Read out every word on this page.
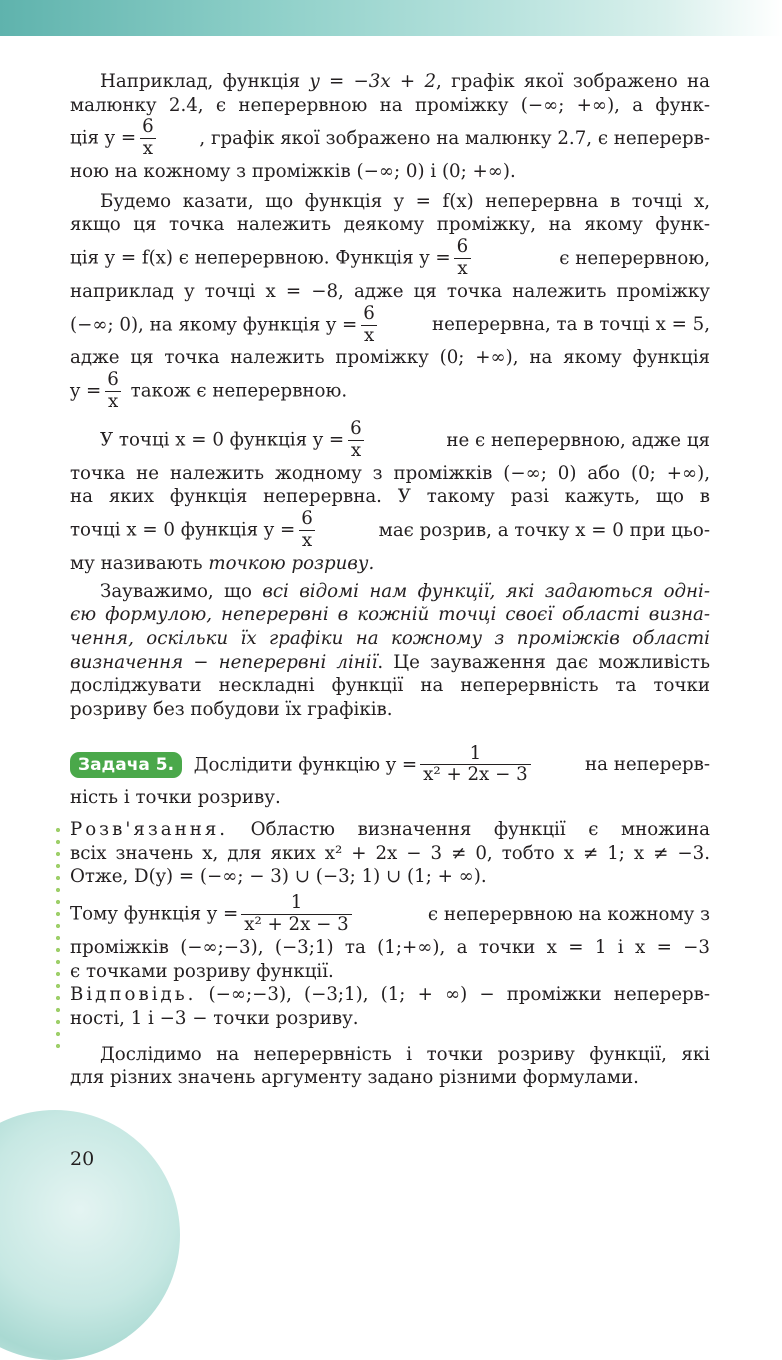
Наприклад, функція y = −3x + 2, графік якої зображено на

малюнку 2.4, є неперервною на проміжку (−∞; +∞), а функ-

ція $y = \frac{6}{x}$ , графік якої зображено на малюнку 2.7, є неперерв-

ною на кожному з проміжків (−∞; 0) і (0; +∞).

Будемо казати, що функція y = f(x) неперервна в точці x,

якщо ця точка належить деякому проміжку, на якому функ-

ція y = f(x) є неперервною. Функція $y = \frac{6}{x}$	є неперервною,

наприклад у точці x = −8, адже ця точка належить проміжку

(−∞; 0), на якому функція $y = \frac{6}{x}$	неперервна, та в точці x = 5,

адже ця точка належить проміжку (0; +∞), на якому функція

$y = \frac{6}{x}$ також є неперервною.
У точці x = 0 функція $y = \frac{6}{x}$	не є неперервною, адже ця

точка не належить жодному з проміжків (−∞; 0) або (0; +∞),

на яких функція неперервна. У такому разі кажуть, що в

точці x = 0 функція $y = \frac{6}{x}$	має розрив, а точку x = 0 при цьо-

му називають точкою розриву.

Зауважимо, що всі відомі нам функції, які задаються одні-

єю формулою, неперервні в кожній точці своєї області визна-

чення, оскільки їх графіки на кожному з проміжків області

визначення − неперервні лінії. Це зауваження дає можливість

досліджувати нескладні функції на неперервність та точки

розриву без побудови їх графіків.

Задача 5. Дослідити функцію $y = \frac{1}{\text{x² + 2x − 3}}$	на неперерв-

ність і точки розриву.

Розв'язання. Областю визначення функції є множина

всіх значень x, для яких x² + 2x − 3 ≠ 0, тобто x ≠ 1; x ≠ −3.

Отже, D(y) = (−∞; − 3) ∪ (−3; 1) ∪ (1; + ∞).

Тому функція $y = \frac{1}{\text{x² + 2x − 3}}$	є неперервною на кожному з

проміжків (−∞;−3), (−3;1) та (1;+∞), а точки x = 1 і x = −3

є точками розриву функції.

Відповідь. (−∞;−3), (−3;1), (1; + ∞) − проміжки неперерв-

ності, 1 і −3 − точки розриву.

Дослідимо на неперервність і точки розриву функції, які

для різних значень аргументу задано різними формулами.

20
